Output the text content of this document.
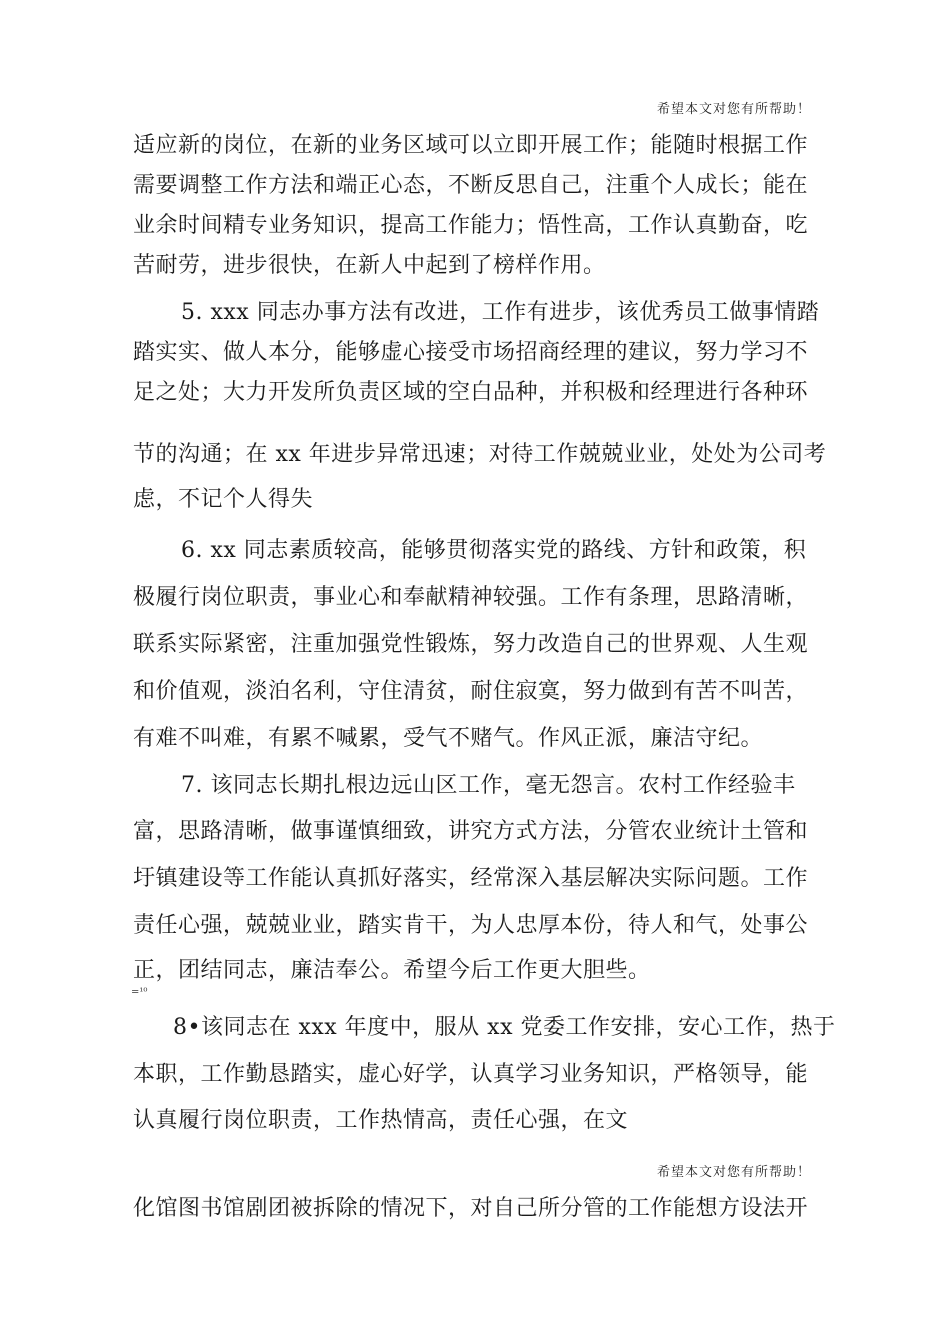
希望本文对您有所帮助！
适应新的岗位，在新的业务区域可以立即开展工作；能随时根据工作
需要调整工作方法和端正心态，不断反思自己，注重个人成长；能在
业余时间精专业务知识，提高工作能力；悟性高，工作认真勤奋，吃
苦耐劳，进步很快，在新人中起到了榜样作用。
5. xxx 同志办事方法有改进，工作有进步，该优秀员工做事情踏
踏实实、做人本分，能够虚心接受市场招商经理的建议，努力学习不
足之处；大力开发所负责区域的空白品种，并积极和经理进行各种环
节的沟通；在 xx 年进步异常迅速；对待工作兢兢业业，处处为公司考
虑，不记个人得失
6. xx 同志素质较高，能够贯彻落实党的路线、方针和政策，积
极履行岗位职责，事业心和奉献精神较强。工作有条理，思路清晰，
联系实际紧密，注重加强党性锻炼，努力改造自己的世界观、人生观
和价值观，淡泊名利，守住清贫，耐住寂寞，努力做到有苦不叫苦，
有难不叫难，有累不喊累，受气不赌气。作风正派，廉洁守纪。
7. 该同志长期扎根边远山区工作，毫无怨言。农村工作经验丰
富，思路清晰，做事谨慎细致，讲究方式方法，分管农业统计土管和
圩镇建设等工作能认真抓好落实，经常深入基层解决实际问题。工作
责任心强，兢兢业业，踏实肯干，为人忠厚本份，待人和气，处事公
正，团结同志，廉洁奉公。希望今后工作更大胆些。
=¹⁰
8•该同志在 xxx 年度中，服从 xx 党委工作安排，安心工作，热于
本职，工作勤恳踏实，虚心好学，认真学习业务知识，严格领导，能
认真履行岗位职责，工作热情高，责任心强，在文
希望本文对您有所帮助！
化馆图书馆剧团被拆除的情况下，对自己所分管的工作能想方设法开
